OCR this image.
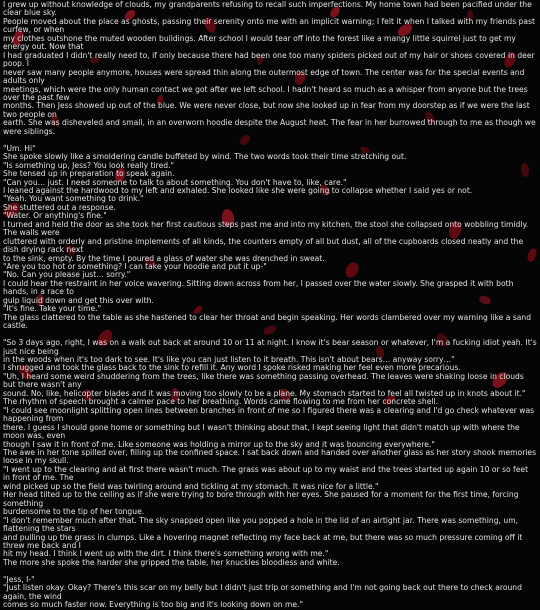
I grew up without knowledge of clouds, my grandparents refusing to recall such imperfections. My home town had been pacified under the clear blue sky.
People moved about the place as ghosts, passing their serenity onto me with an implicit warning; I felt it when I talked with my friends past curfew, or when
my clothes outshone the muted wooden buildings. After school I would tear off into the forest like a mangy little squirrel just to get my energy out. Now that
I had graduated I didn't really need to, if only because there had been one too many spiders picked out of my hair or shoes covered in deer poop. I
never saw many people anymore, houses were spread thin along the outermost edge of town. The center was for the special events and adults only
meetings, which were the only human contact we got after we left school. I hadn't heard so much as a whisper from anyone but the trees over the past few
months. Then Jess showed up out of the blue. We were never close, but now she looked up in fear from my doorstep as if we were the last two people on
earth. She was disheveled and small, in an overworn hoodie despite the August heat. The fear in her burrowed through to me as though we were siblings.

"Um. Hi"
She spoke slowly like a smoldering candle buffeted by wind. The two words took their time stretching out.
"Is something up, Jess? You look really tired."
She tensed up in preparation to speak again.
"Can you… just. I need someone to talk to about something. You don't have to, like, care."
I leaned against the hardwood to my left and exhaled. She looked like she were going to collapse whether I said yes or not.
"Yeah. You want something to drink."
She stuttered out a response.
"Water. Or anything's fine."
I turned and held the door as she took her first cautious steps past me and into my kitchen, the stool she collapsed onto wobbling timidly. The walls were
cluttered with orderly and pristine implements of all kinds, the counters empty of all but dust, all of the cupboards closed neatly and the dish drying rack next
to the sink, empty. By the time I poured a glass of water she was drenched in sweat.
"Are you too hot or something? I can take your hoodie and put it up-"
"No. Can you please just… sorry."
I could hear the restraint in her voice wavering. Sitting down across from her, I passed over the water slowly. She grasped it with both hands, in a race to
gulp liquid down and get this over with.
"It's fine. Take your time."
The glass clattered to the table as she hastened to clear her throat and begin speaking. Her words clambered over my warning like a sand castle.

"So 3 days ago, right, I was on a walk out back at around 10 or 11 at night. I know it's bear season or whatever, I'm a fucking idiot yeah. It's just nice being
in the woods when it's too dark to see. It's like you can just listen to it breath. This isn't about bears… anyway sorry…"
I shrugged and took the glass back to the sink to refill it. Any word I spoke risked making her feel even more precarious.
"Uh, I heard some weird shuddering from the trees, like there was something passing overhead. The leaves were shaking loose in clouds but there wasn't any
sound. No, like, helicopter blades and it was moving too slowly to be a plane. My stomach started to feel all twisted up in knots about it."
The rhythm of speech brought a calmer pace to her breathing. Words came flowing to me from her concrete shell.
"I could see moonlight splitting open lines between branches in front of me so I figured there was a clearing and I'd go check whatever was happening from
there. I guess I should gone home or something but I wasn't thinking about that, I kept seeing light that didn't match up with where the moon was, even
though I saw it in front of me. Like someone was holding a mirror up to the sky and it was bouncing everywhere."
The awe in her tone spilled over, filling up the confined space. I sat back down and handed over another glass as her story shook memories loose in my skull.
"I went up to the clearing and at first there wasn't much. The grass was about up to my waist and the trees started up again 10 or so feet in front of me. The
wind picked up so the field was twirling around and tickling at my stomach. It was nice for a little."
Her head tilted up to the ceiling as if she were trying to bore through with her eyes. She paused for a moment for the first time, forcing something
burdensome to the tip of her tongue.
"I don't remember much after that. The sky snapped open like you popped a hole in the lid of an airtight jar. There was something, um, flattening the stars
and pulling up the grass in clumps. Like a hovering magnet reflecting my face back at me, but there was so much pressure coming off it threw me back and I
hit my head. I think I went up with the dirt. I think there's something wrong with me."
The more she spoke the harder she gripped the table, her knuckles bloodless and white.

"Jess, I-"
"Just listen okay. Okay? There's this scar on my belly but I didn't just trip or something and I'm not going back out there to check around again, the wind
comes so much faster now. Everything is too big and it's looking down on me."
